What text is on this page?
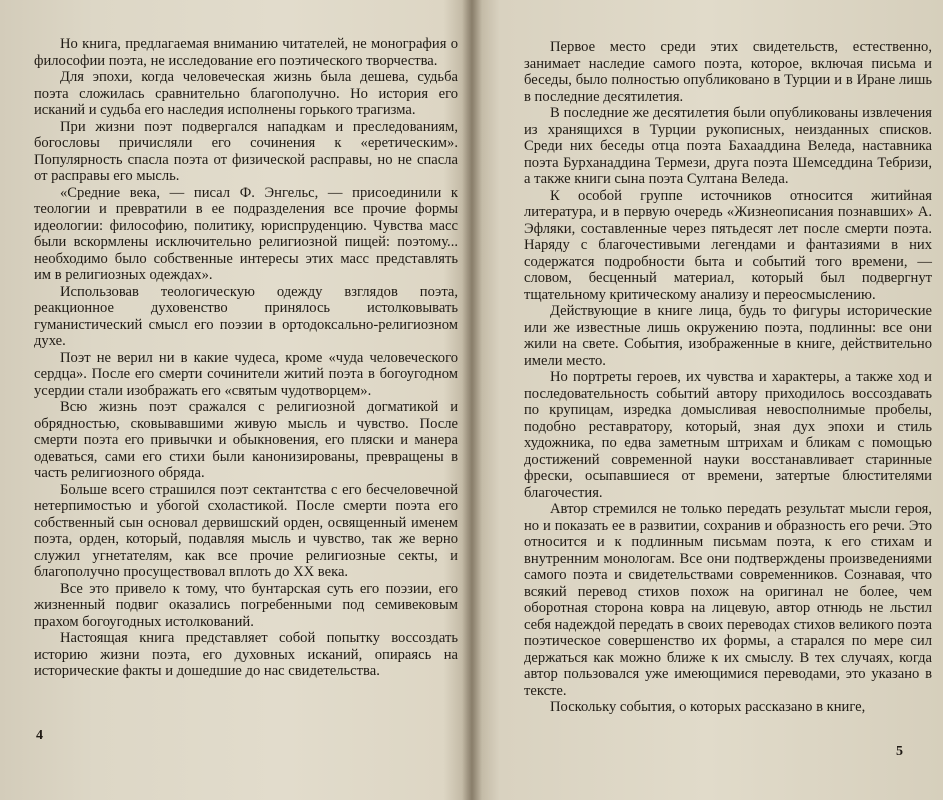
Но книга, предлагаемая вниманию читателей, не монография о философии поэта, не исследование его поэтического творчества.

Для эпохи, когда человеческая жизнь была дешева, судьба поэта сложилась сравнительно благополучно. Но история его исканий и судьба его наследия исполнены горького трагизма.

При жизни поэт подвергался нападкам и преследованиям, богословы причисляли его сочинения к «еретическим». Популярность спасла поэта от физической расправы, но не спасла от расправы его мысль.

«Средние века, — писал Ф. Энгельс, — присоединили к теологии и превратили в ее подразделения все прочие формы идеологии: философию, политику, юриспруденцию. Чувства масс были вскормлены исключительно религиозной пищей: поэтому... необходимо было собственные интересы этих масс представлять им в религиозных одеждах».

Использовав теологическую одежду взглядов поэта, реакционное духовенство принялось истолковывать гуманистический смысл его поэзии в ортодоксально-религиозном духе.

Поэт не верил ни в какие чудеса, кроме «чуда человеческого сердца». После его смерти сочинители житий поэта в богоугодном усердии стали изображать его «святым чудотворцем».

Всю жизнь поэт сражался с религиозной догматикой и обрядностью, сковывавшими живую мысль и чувство. После смерти поэта его привычки и обыкновения, его пляски и манера одеваться, сами его стихи были канонизированы, превращены в часть религиозного обряда.

Больше всего страшился поэт сектантства с его бесчеловечной нетерпимостью и убогой схоластикой. После смерти поэта его собственный сын основал дервишский орден, освященный именем поэта, орден, который, подавляя мысль и чувство, так же верно служил угнетателям, как все прочие религиозные секты, и благополучно просуществовал вплоть до XX века.

Все это привело к тому, что бунтарская суть его поэзии, его жизненный подвиг оказались погребенными под семивековым прахом богоугодных истолкований.

Настоящая книга представляет собой попытку воссоздать историю жизни поэта, его духовных исканий, опираясь на исторические факты и дошедшие до нас свидетельства.

4

Первое место среди этих свидетельств, естественно, занимает наследие самого поэта, которое, включая письма и беседы, было полностью опубликовано в Турции и в Иране лишь в последние десятилетия.

В последние же десятилетия были опубликованы извлечения из хранящихся в Турции рукописных, неизданных списков. Среди них беседы отца поэта Бахааддина Веледа, наставника поэта Бурханаддина Термези, друга поэта Шемседдина Тебризи, а также книги сына поэта Султана Веледа.

К особой группе источников относится житийная литература, и в первую очередь «Жизнеописания познавших» А. Эфляки, составленные через пятьдесят лет после смерти поэта. Наряду с благочестивыми легендами и фантазиями в них содержатся подробности быта и событий того времени, — словом, бесценный материал, который был подвергнут тщательному критическому анализу и переосмыслению.

Действующие в книге лица, будь то фигуры исторические или же известные лишь окружению поэта, подлинны: все они жили на свете. События, изображенные в книге, действительно имели место.

Но портреты героев, их чувства и характеры, а также ход и последовательность событий автору приходилось воссоздавать по крупицам, изредка домысливая невосполнимые пробелы, подобно реставратору, который, зная дух эпохи и стиль художника, по едва заметным штрихам и бликам с помощью достижений современной науки восстанавливает старинные фрески, осыпавшиеся от времени, затертые блюстителями благочестия.

Автор стремился не только передать результат мысли героя, но и показать ее в развитии, сохранив и образность его речи. Это относится и к подлинным письмам поэта, к его стихам и внутренним монологам. Все они подтверждены произведениями самого поэта и свидетельствами современников. Сознавая, что всякий перевод стихов похож на оригинал не более, чем оборотная сторона ковра на лицевую, автор отнюдь не льстил себя надеждой передать в своих переводах стихов великого поэта поэтическое совершенство их формы, а старался по мере сил держаться как можно ближе к их смыслу. В тех случаях, когда автор пользовался уже имеющимися переводами, это указано в тексте.

Поскольку события, о которых рассказано в книге,

5
